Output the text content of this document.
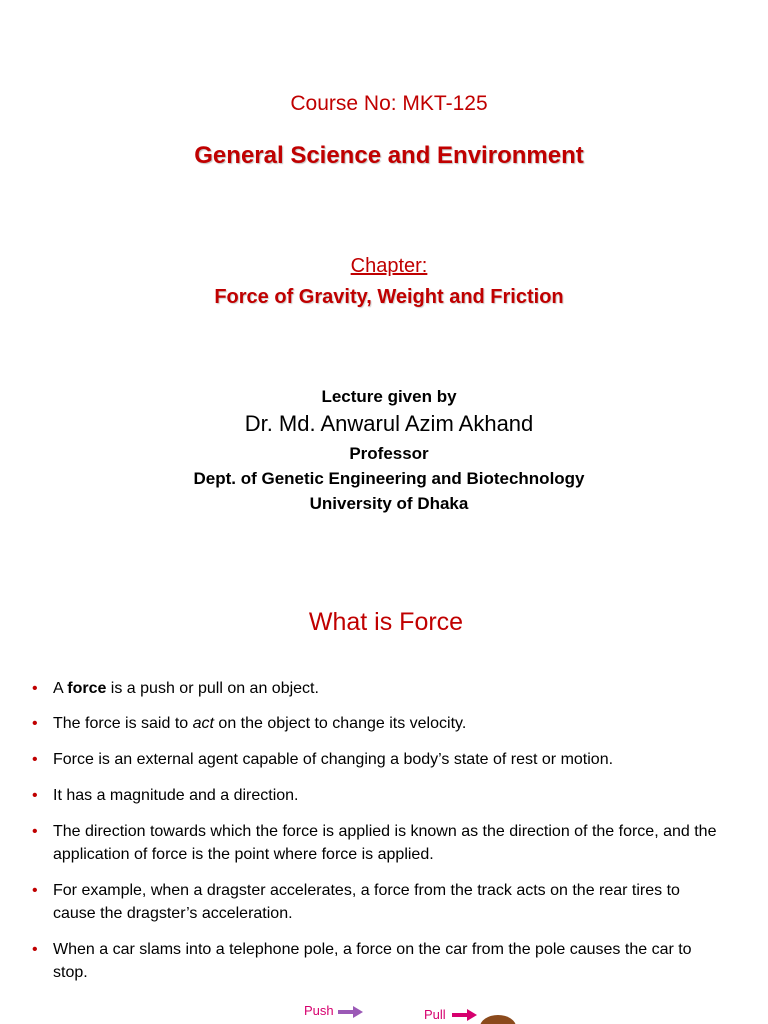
Course No: MKT-125
General Science and Environment
Chapter:
Force of Gravity, Weight and Friction
Lecture given by
Dr. Md. Anwarul Azim Akhand
Professor
Dept. of Genetic Engineering and Biotechnology
University of Dhaka
What is Force
• A force is a push or pull on an object.
• The force is said to act on the object to change its velocity.
• Force is an external agent capable of changing a body’s state of rest or motion.
• It has a magnitude and a direction.
• The direction towards which the force is applied is known as the direction of the force, and the application of force is the point where force is applied.
• For example, when a dragster accelerates, a force from the track acts on the rear tires to cause the dragster’s acceleration.
• When a car slams into a telephone pole, a force on the car from the pole causes the car to stop.
Push	Pull
